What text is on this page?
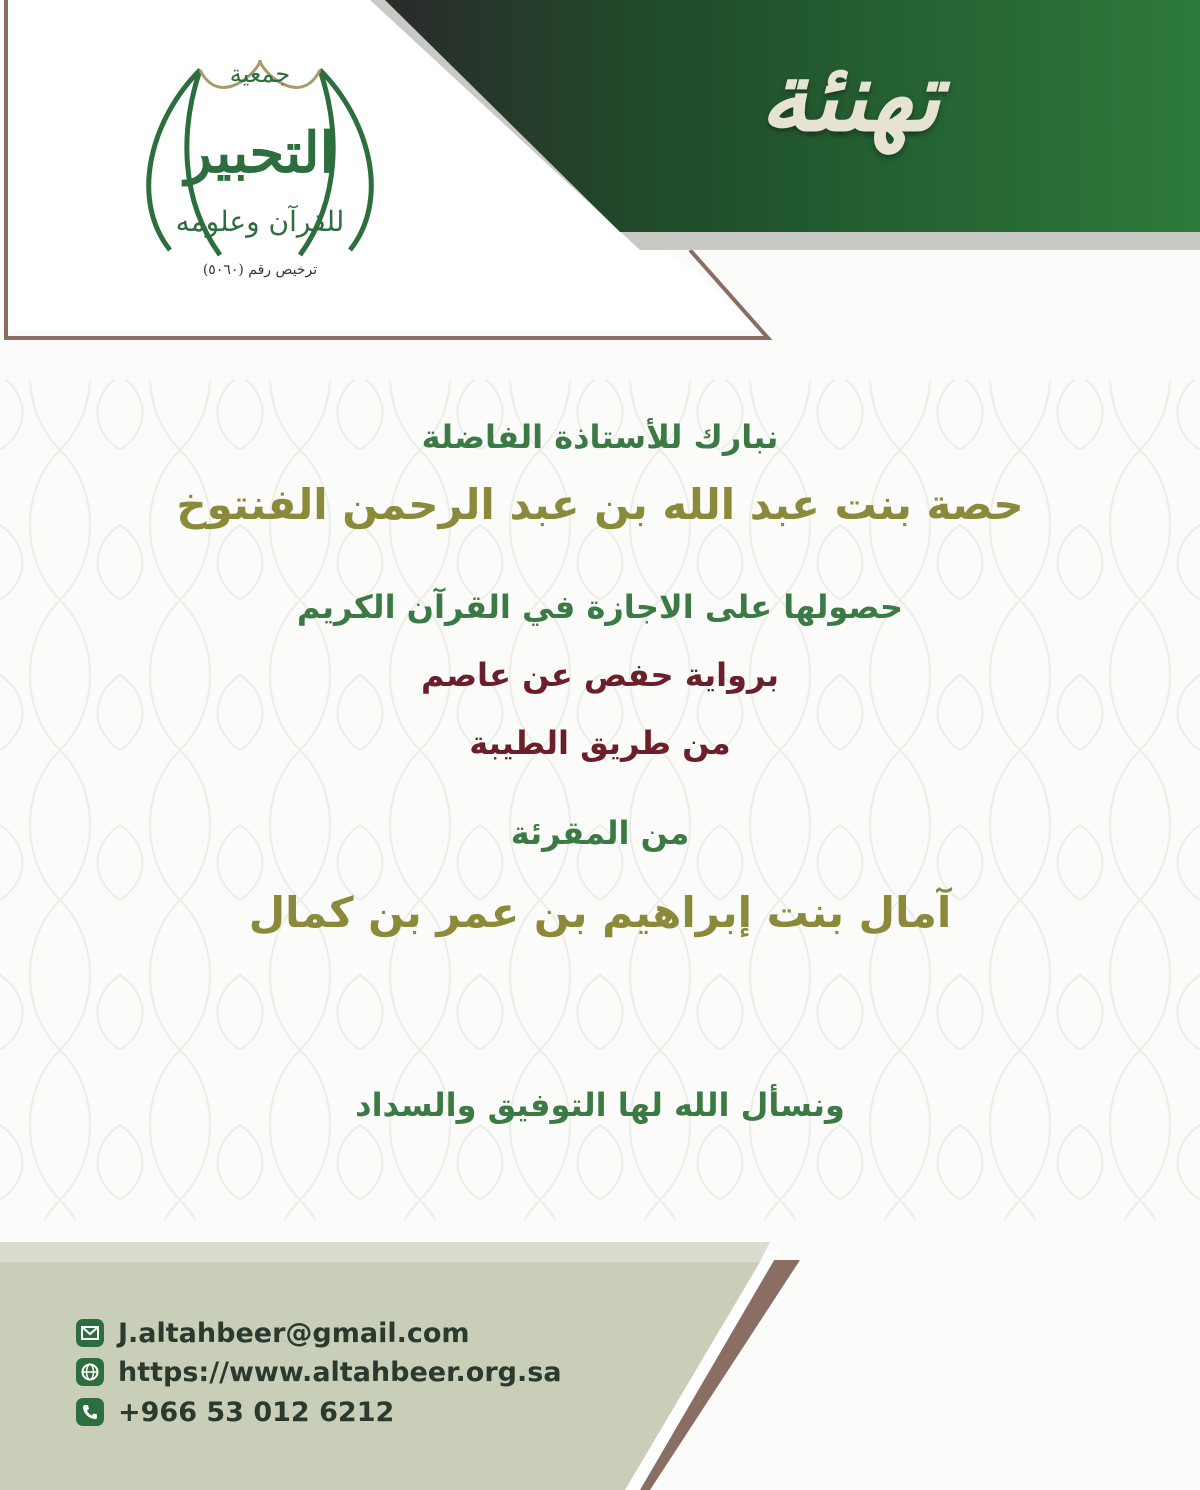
جمعية
التحبير
للقرآن وعلومه
ترخيص رقم (٥٠٦٠)
تهنئة
نبارك للأستاذة الفاضلة
حصة بنت عبد الله بن عبد الرحمن الفنتوخ
حصولها على الاجازة في القرآن الكريم
برواية حفص عن عاصم
من طريق الطيبة
من المقرئة
آمال بنت إبراهيم بن عمر بن كمال
ونسأل الله لها التوفيق والسداد
J.altahbeer@gmail.com
https://www.altahbeer.org.sa
+966 53 012 6212
